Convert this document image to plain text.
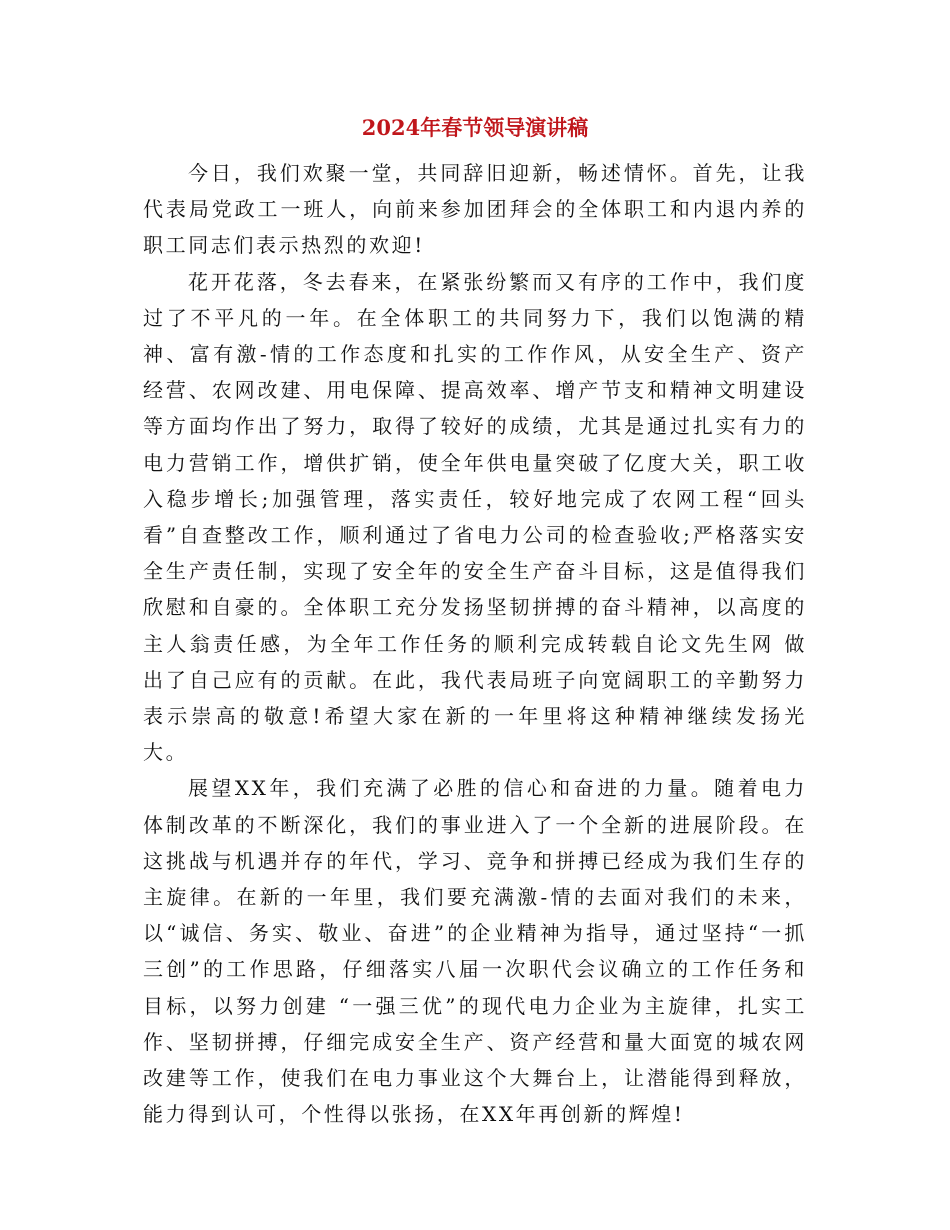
2024年春节领导演讲稿

今日，我们欢聚一堂，共同辞旧迎新，畅述情怀。首先，让我代表局党政工一班人，向前来参加团拜会的全体职工和内退内养的职工同志们表示热烈的欢迎!

花开花落，冬去春来，在紧张纷繁而又有序的工作中，我们度过了不平凡的一年。在全体职工的共同努力下，我们以饱满的精神、富有激-情的工作态度和扎实的工作作风，从安全生产、资产经营、农网改建、用电保障、提高效率、增产节支和精神文明建设等方面均作出了努力，取得了较好的成绩，尤其是通过扎实有力的电力营销工作，增供扩销，使全年供电量突破了亿度大关，职工收入稳步增长;加强管理，落实责任，较好地完成了农网工程“回头看”自查整改工作，顺利通过了省电力公司的检查验收;严格落实安全生产责任制，实现了安全年的安全生产奋斗目标，这是值得我们欣慰和自豪的。全体职工充分发扬坚韧拼搏的奋斗精神，以高度的主人翁责任感，为全年工作任务的顺利完成转载自论文先生网 做出了自己应有的贡献。在此，我代表局班子向宽阔职工的辛勤努力表示崇高的敬意!希望大家在新的一年里将这种精神继续发扬光大。

展望XX年，我们充满了必胜的信心和奋进的力量。随着电力体制改革的不断深化，我们的事业进入了一个全新的进展阶段。在这挑战与机遇并存的年代，学习、竞争和拼搏已经成为我们生存的主旋律。在新的一年里，我们要充满激-情的去面对我们的未来，以“诚信、务实、敬业、奋进”的企业精神为指导，通过坚持“一抓三创”的工作思路，仔细落实八届一次职代会议确立的工作任务和目标，以努力创建 “一强三优”的现代电力企业为主旋律，扎实工作、坚韧拼搏，仔细完成安全生产、资产经营和量大面宽的城农网改建等工作，使我们在电力事业这个大舞台上，让潜能得到释放，能力得到认可，个性得以张扬，在XX年再创新的辉煌!
